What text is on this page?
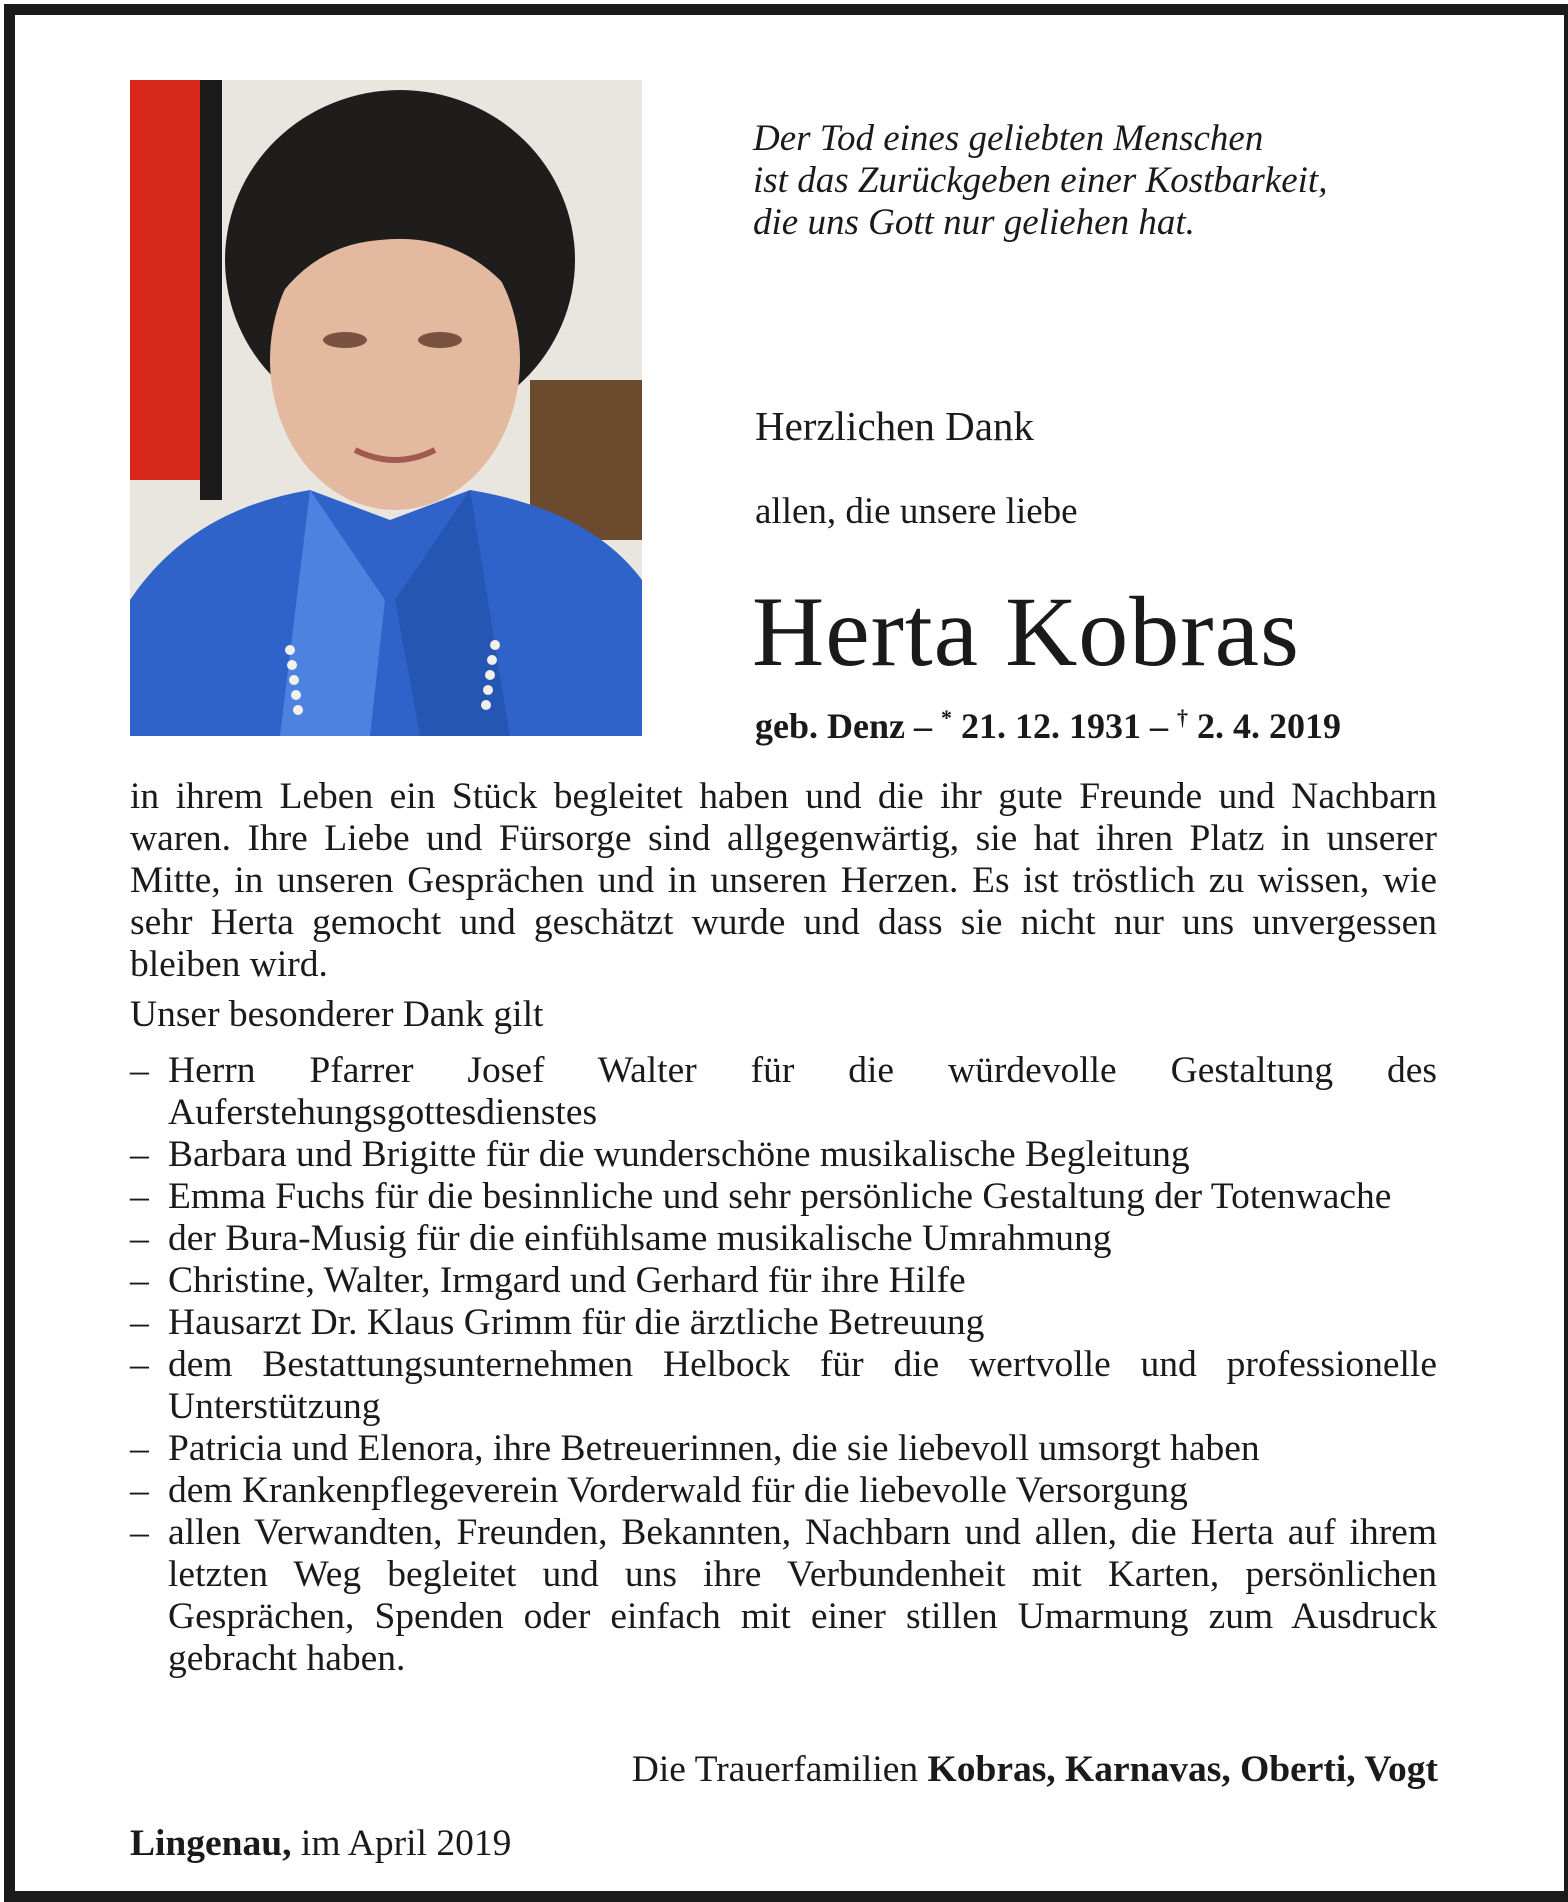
Der Tod eines geliebten Menschen
ist das Zurückgeben einer Kostbarkeit,
die uns Gott nur geliehen hat.
Herzlichen Dank
allen, die unsere liebe
Herta Kobras
geb. Denz – * 21. 12. 1931 – † 2. 4. 2019

in ihrem Leben ein Stück begleitet haben und die ihr gute Freunde und Nachbarn waren. Ihre Liebe und Fürsorge sind allgegenwärtig, sie hat ihren Platz in unserer Mitte, in unseren Gesprächen und in unseren Herzen. Es ist tröstlich zu wissen, wie sehr Herta gemocht und geschätzt wurde und dass sie nicht nur uns unvergessen bleiben wird.

Unser besonderer Dank gilt

– Herrn Pfarrer Josef Walter für die würdevolle Gestaltung des Auferstehungsgottesdienstes
– Barbara und Brigitte für die wunderschöne musikalische Begleitung
– Emma Fuchs für die besinnliche und sehr persönliche Gestaltung der Totenwache
– der Bura-Musig für die einfühlsame musikalische Umrahmung
– Christine, Walter, Irmgard und Gerhard für ihre Hilfe
– Hausarzt Dr. Klaus Grimm für die ärztliche Betreuung
– dem Bestattungsunternehmen Helbock für die wertvolle und professionelle Unterstützung
– Patricia und Elenora, ihre Betreuerinnen, die sie liebevoll umsorgt haben
– dem Krankenpflegeverein Vorderwald für die liebevolle Versorgung
– allen Verwandten, Freunden, Bekannten, Nachbarn und allen, die Herta auf ihrem letzten Weg begleitet und uns ihre Verbundenheit mit Karten, persönlichen Gesprächen, Spenden oder einfach mit einer stillen Umarmung zum Ausdruck gebracht haben.
Die Trauerfamilien Kobras, Karnavas, Oberti, Vogt
Lingenau, im April 2019
